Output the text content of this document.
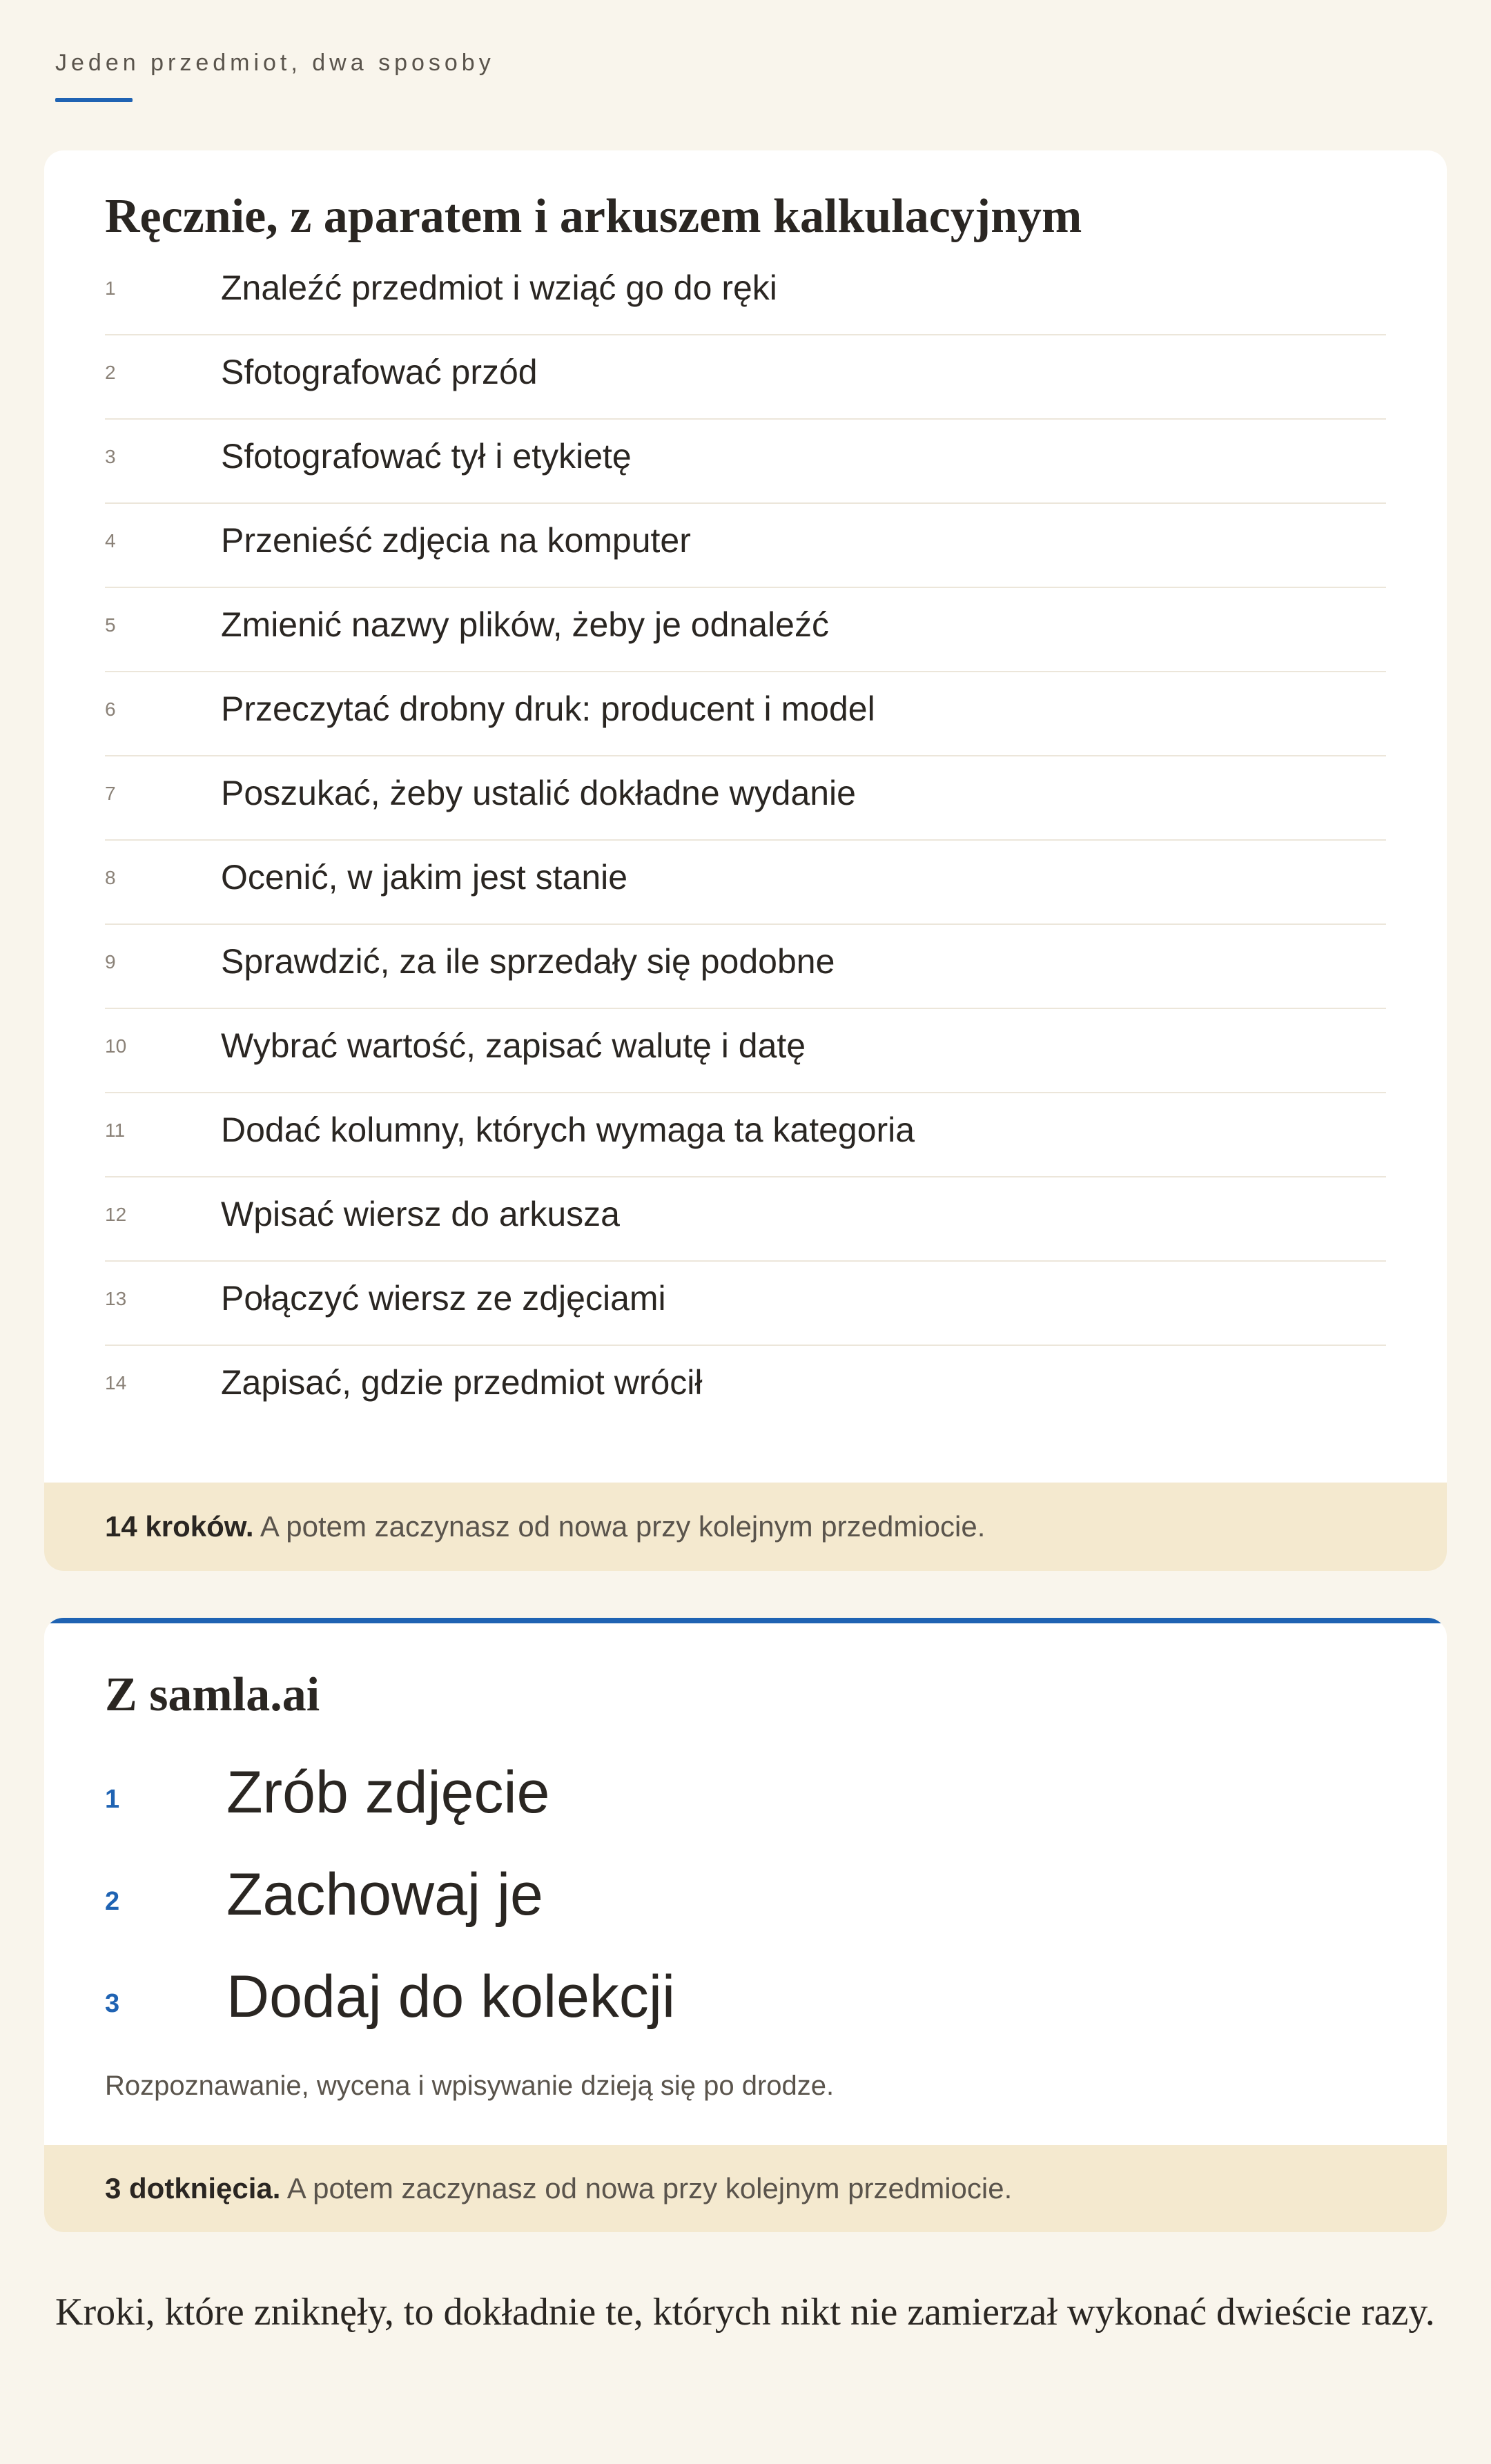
Jeden przedmiot, dwa sposoby
Ręcznie, z aparatem i arkuszem kalkulacyjnym
1	Znaleźć przedmiot i wziąć go do ręki
2	Sfotografować przód
3	Sfotografować tył i etykietę
4	Przenieść zdjęcia na komputer
5	Zmienić nazwy plików, żeby je odnaleźć
6	Przeczytać drobny druk: producent i model
7	Poszukać, żeby ustalić dokładne wydanie
8	Ocenić, w jakim jest stanie
9	Sprawdzić, za ile sprzedały się podobne
10	Wybrać wartość, zapisać walutę i datę
11	Dodać kolumny, których wymaga ta kategoria
12	Wpisać wiersz do arkusza
13	Połączyć wiersz ze zdjęciami
14	Zapisać, gdzie przedmiot wrócił
14 kroków. A potem zaczynasz od nowa przy kolejnym przedmiocie.
Z samla.ai
1 Zrób zdjęcie
2 Zachowaj je
3 Dodaj do kolekcji
Rozpoznawanie, wycena i wpisywanie dzieją się po drodze.
3 dotknięcia. A potem zaczynasz od nowa przy kolejnym przedmiocie.

Kroki, które zniknęły, to dokładnie te, których nikt nie zamierzał wykonać dwieście razy.
